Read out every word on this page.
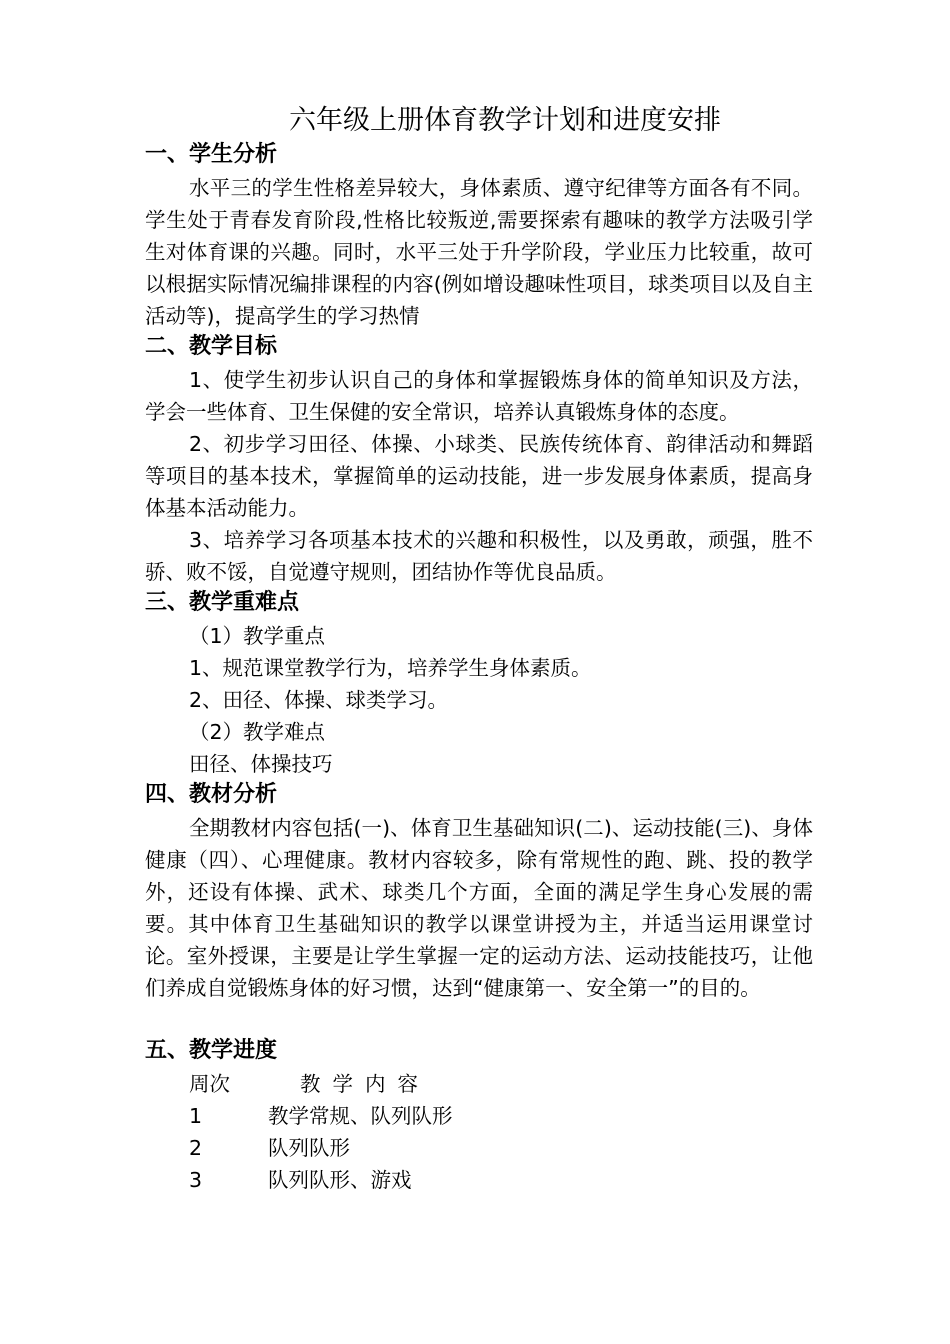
六年级上册体育教学计划和进度安排
一、学生分析
水平三的学生性格差异较大，身体素质、遵守纪律等方面各有不同。学生处于青春发育阶段,性格比较叛逆,需要探索有趣味的教学方法吸引学生对体育课的兴趣。同时，水平三处于升学阶段，学业压力比较重，故可以根据实际情况编排课程的内容(例如增设趣味性项目，球类项目以及自主活动等)，提高学生的学习热情
二、教学目标
1、使学生初步认识自己的身体和掌握锻炼身体的简单知识及方法，学会一些体育、卫生保健的安全常识，培养认真锻炼身体的态度。
2、初步学习田径、体操、小球类、民族传统体育、韵律活动和舞蹈等项目的基本技术，掌握简单的运动技能，进一步发展身体素质，提高身体基本活动能力。
3、培养学习各项基本技术的兴趣和积极性，以及勇敢，顽强，胜不骄、败不馁，自觉遵守规则，团结协作等优良品质。
三、教学重难点
（1）教学重点
1、规范课堂教学行为，培养学生身体素质。
2、田径、体操、球类学习。
（2）教学难点
田径、体操技巧
四、教材分析
全期教材内容包括(一)、体育卫生基础知识(二)、运动技能(三)、身体健康（四）、心理健康。教材内容较多，除有常规性的跑、跳、投的教学外，还设有体操、武术、球类几个方面，全面的满足学生身心发展的需要。其中体育卫生基础知识的教学以课堂讲授为主，并适当运用课堂讨论。室外授课，主要是让学生掌握一定的运动方法、运动技能技巧，让他们养成自觉锻炼身体的好习惯，达到“健康第一、安全第一”的目的。
五、教学进度
周次	教学内容
1	教学常规、队列队形
2	队列队形
3	队列队形、游戏
